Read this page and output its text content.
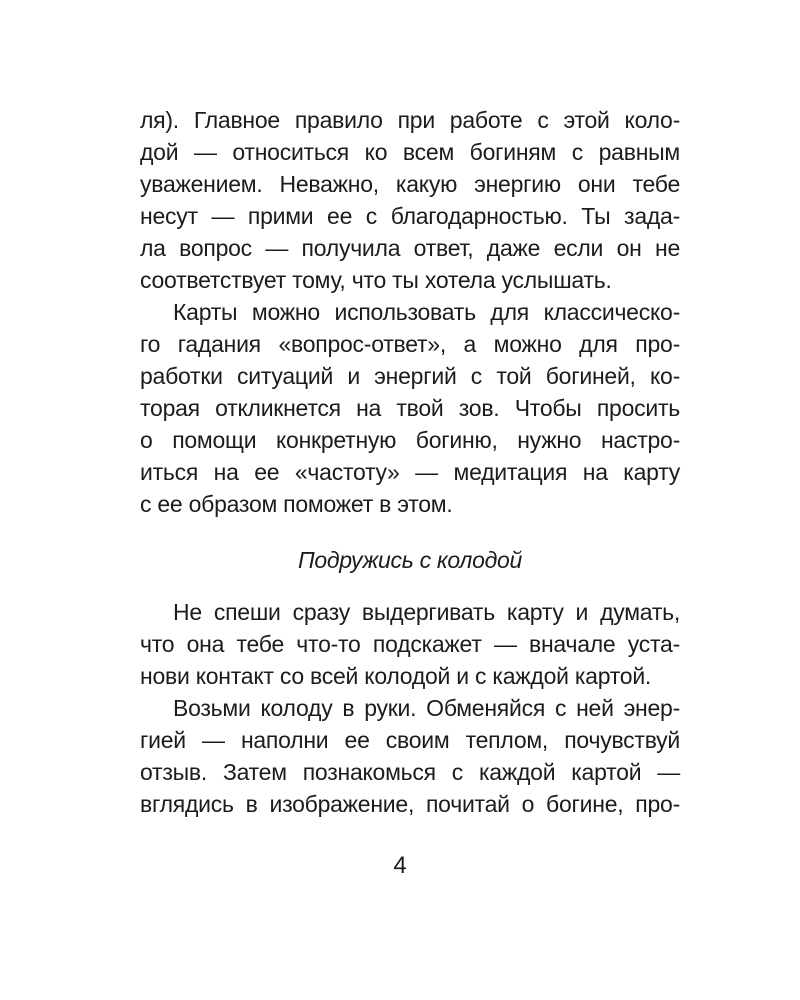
ля). Главное правило при работе с этой коло-
дой — относиться ко всем богиням с равным
уважением. Неважно, какую энергию они тебе
несут — прими ее с благодарностью. Ты зада-
ла вопрос — получила ответ, даже если он не
соответствует тому, что ты хотела услышать.
Карты можно использовать для классическо-
го гадания «вопрос-ответ», а можно для про-
работки ситуаций и энергий с той богиней, ко-
торая откликнется на твой зов. Чтобы просить
о помощи конкретную богиню, нужно настро-
иться на ее «частоту» — медитация на карту
с ее образом поможет в этом.
Подружись с колодой
Не спеши сразу выдергивать карту и думать,
что она тебе что-то подскажет — вначале уста-
нови контакт со всей колодой и с каждой картой.
Возьми колоду в руки. Обменяйся с ней энер-
гией — наполни ее своим теплом, почувствуй
отзыв. Затем познакомься с каждой картой —
вглядись в изображение, почитай о богине, про-
4
